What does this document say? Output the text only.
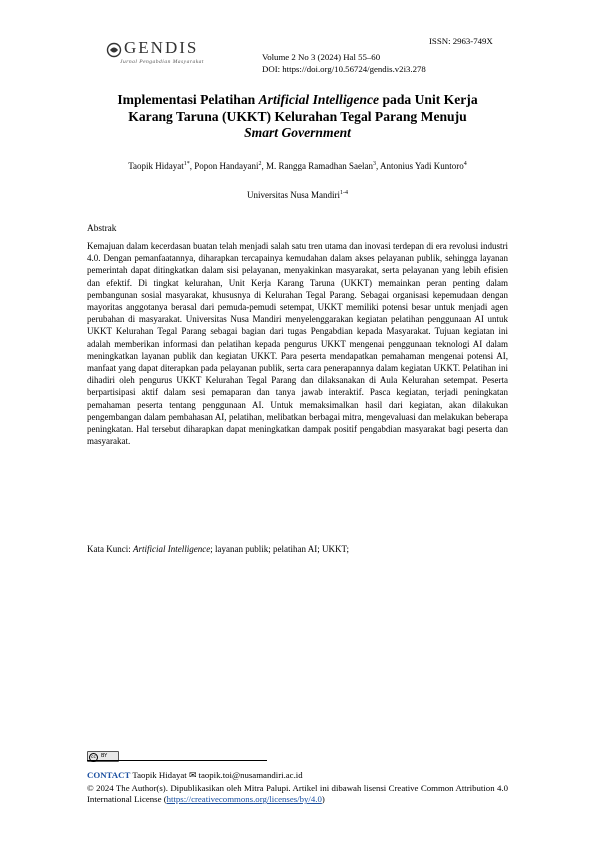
GENDIS
Jurnal Pengabdian Masyarakat
ISSN: 2963-749X
Volume 2 No 3 (2024) Hal 55–60
DOI: https://doi.org/10.56724/gendis.v2i3.278
Implementasi Pelatihan Artificial Intelligence pada Unit Kerja
Karang Taruna (UKKT) Kelurahan Tegal Parang Menuju
Smart Government
Taopik Hidayat$^{1*}$, Popon Handayani$^2$, M. Rangga Ramadhan Saelan$^3$, Antonius Yadi Kuntoro$^4$
Universitas Nusa Mandiri$^{1-4}$
Abstrak
Kemajuan dalam kecerdasan buatan telah menjadi salah satu tren utama dan inovasi terdepan di era revolusi industri 4.0. Dengan pemanfaatannya, diharapkan tercapainya kemudahan dalam akses pelayanan publik, sehingga layanan pemerintah dapat ditingkatkan dalam sisi pelayanan, menyakinkan masyarakat, serta pelayanan yang lebih efisien dan efektif. Di tingkat kelurahan, Unit Kerja Karang Taruna (UKKT) memainkan peran penting dalam pembangunan sosial masyarakat, khususnya di Kelurahan Tegal Parang. Sebagai organisasi kepemudaan dengan mayoritas anggotanya berasal dari pemuda-pemudi setempat, UKKT memiliki potensi besar untuk menjadi agen perubahan di masyarakat. Universitas Nusa Mandiri menyelenggarakan kegiatan pelatihan penggunaan AI untuk UKKT Kelurahan Tegal Parang sebagai bagian dari tugas Pengabdian kepada Masyarakat. Tujuan kegiatan ini adalah memberikan informasi dan pelatihan kepada pengurus UKKT mengenai penggunaan teknologi AI dalam meningkatkan layanan publik dan kegiatan UKKT. Para peserta mendapatkan pemahaman mengenai potensi AI, manfaat yang dapat diterapkan pada pelayanan publik, serta cara penerapannya dalam kegiatan UKKT. Pelatihan ini dihadiri oleh pengurus UKKT Kelurahan Tegal Parang dan dilaksanakan di Aula Kelurahan setempat. Peserta berpartisipasi aktif dalam sesi pemaparan dan tanya jawab interaktif. Pasca kegiatan, terjadi peningkatan pemahaman peserta tentang penggunaan AI. Untuk memaksimalkan hasil dari kegiatan, akan dilakukan pengembangan dalam pembahasan AI, pelatihan, melibatkan berbagai mitra, mengevaluasi dan melakukan beberapa peningkatan. Hal tersebut diharapkan dapat meningkatkan dampak positif pengabdian masyarakat bagi peserta dan masyarakat.
Kata Kunci: Artificial Intelligence; layanan publik; pelatihan AI; UKKT;
cc	BY
CONTACT Taopik Hidayat ✉ taopik.toi@nusamandiri.ac.id
© 2024 The Author(s). Dipublikasikan oleh Mitra Palupi. Artikel ini dibawah lisensi Creative Common Attribution 4.0 International License (https://creativecommons.org/licenses/by/4.0)
